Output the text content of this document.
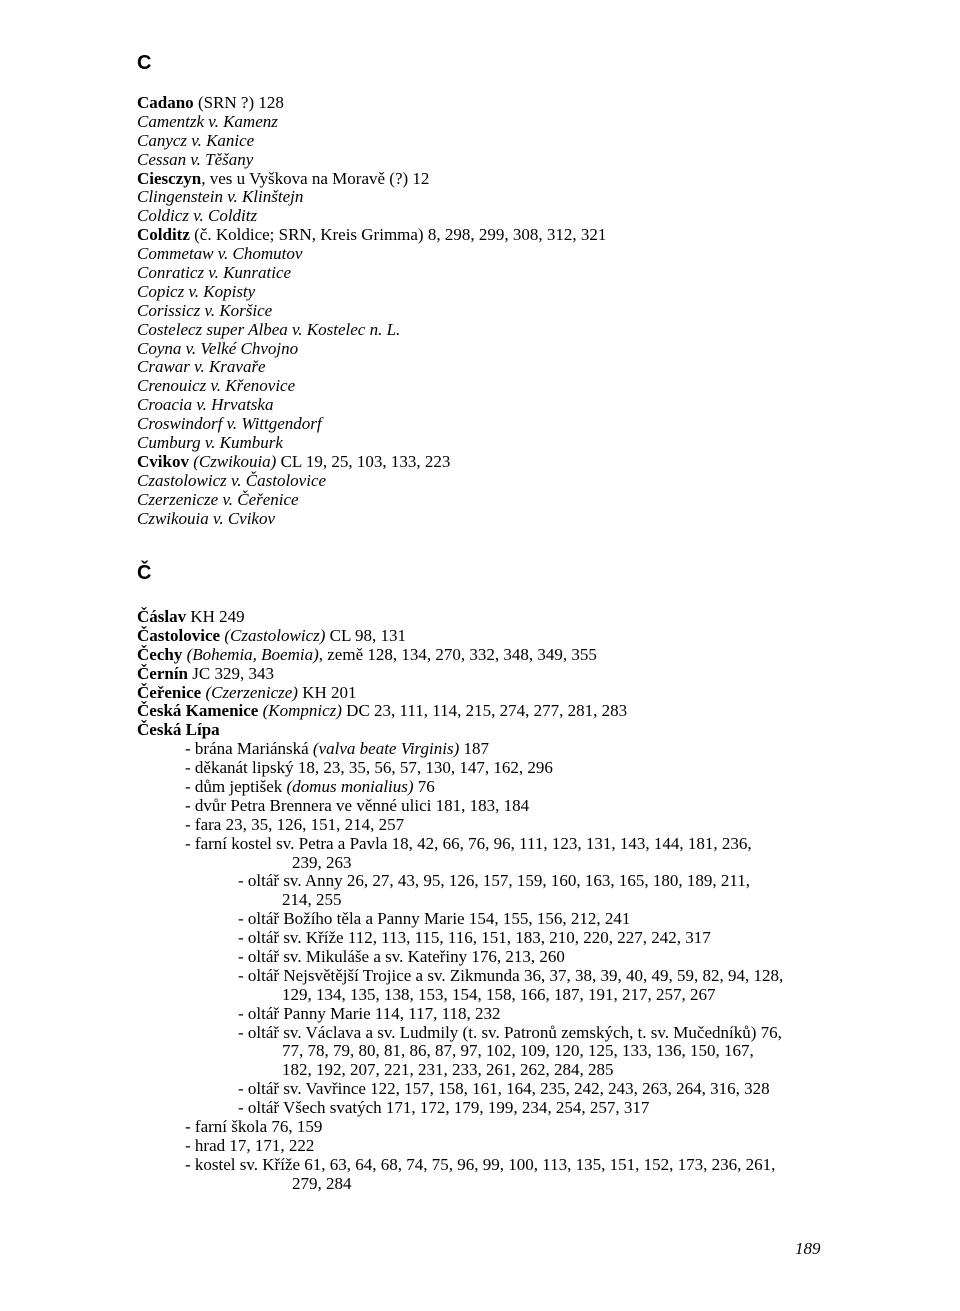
C
Cadano (SRN ?) 128
Camentzk v. Kamenz
Canycz v. Kanice
Cessan v. Těšany
Ciesczyn, ves u Vyškova na Moravě (?) 12
Clingenstein v. Klinštejn
Coldicz v. Colditz
Colditz (č. Koldice; SRN, Kreis Grimma) 8, 298, 299, 308, 312, 321
Commetaw v. Chomutov
Conraticz v. Kunratice
Copicz v. Kopisty
Corissicz v. Koršice
Costelecz super Albea v. Kostelec n. L.
Coyna v. Velké Chvojno
Crawar v. Kravaře
Crenouicz v. Křenovice
Croacia v. Hrvatska
Croswindorf v. Wittgendorf
Cumburg v. Kumburk
Cvikov (Czwikouia) CL 19, 25, 103, 133, 223
Czastolowicz v. Častolovice
Czerzenicze v. Čeřenice
Czwikouia v. Cvikov
Č
Čáslav KH 249
Častolovice (Czastolowicz) CL 98, 131
Čechy (Bohemia, Boemia), země 128, 134, 270, 332, 348, 349, 355
Černín JC 329, 343
Čeřenice (Czerzenicze) KH 201
Česká Kamenice (Kompnicz) DC 23, 111, 114, 215, 274, 277, 281, 283
Česká Lípa
- brána Mariánská (valva beate Virginis) 187
- děkanát lipský 18, 23, 35, 56, 57, 130, 147, 162, 296
- dům jeptišek (domus monialius) 76
- dvůr Petra Brennera ve věnné ulici 181, 183, 184
- fara 23, 35, 126, 151, 214, 257
- farní kostel sv. Petra a Pavla 18, 42, 66, 76, 96, 111, 123, 131, 143, 144, 181, 236,
239, 263
- oltář sv. Anny 26, 27, 43, 95, 126, 157, 159, 160, 163, 165, 180, 189, 211,
214, 255
- oltář Božího těla a Panny Marie 154, 155, 156, 212, 241
- oltář sv. Kříže 112, 113, 115, 116, 151, 183, 210, 220, 227, 242, 317
- oltář sv. Mikuláše a sv. Kateřiny 176, 213, 260
- oltář Nejsvětější Trojice a sv. Zikmunda 36, 37, 38, 39, 40, 49, 59, 82, 94, 128,
129, 134, 135, 138, 153, 154, 158, 166, 187, 191, 217, 257, 267
- oltář Panny Marie 114, 117, 118, 232
- oltář sv. Václava a sv. Ludmily (t. sv. Patronů zemských, t. sv. Mučedníků) 76,
77, 78, 79, 80, 81, 86, 87, 97, 102, 109, 120, 125, 133, 136, 150, 167,
182, 192, 207, 221, 231, 233, 261, 262, 284, 285
- oltář sv. Vavřince 122, 157, 158, 161, 164, 235, 242, 243, 263, 264, 316, 328
- oltář Všech svatých 171, 172, 179, 199, 234, 254, 257, 317
- farní škola 76, 159
- hrad 17, 171, 222
- kostel sv. Kříže 61, 63, 64, 68, 74, 75, 96, 99, 100, 113, 135, 151, 152, 173, 236, 261,
279, 284
189
